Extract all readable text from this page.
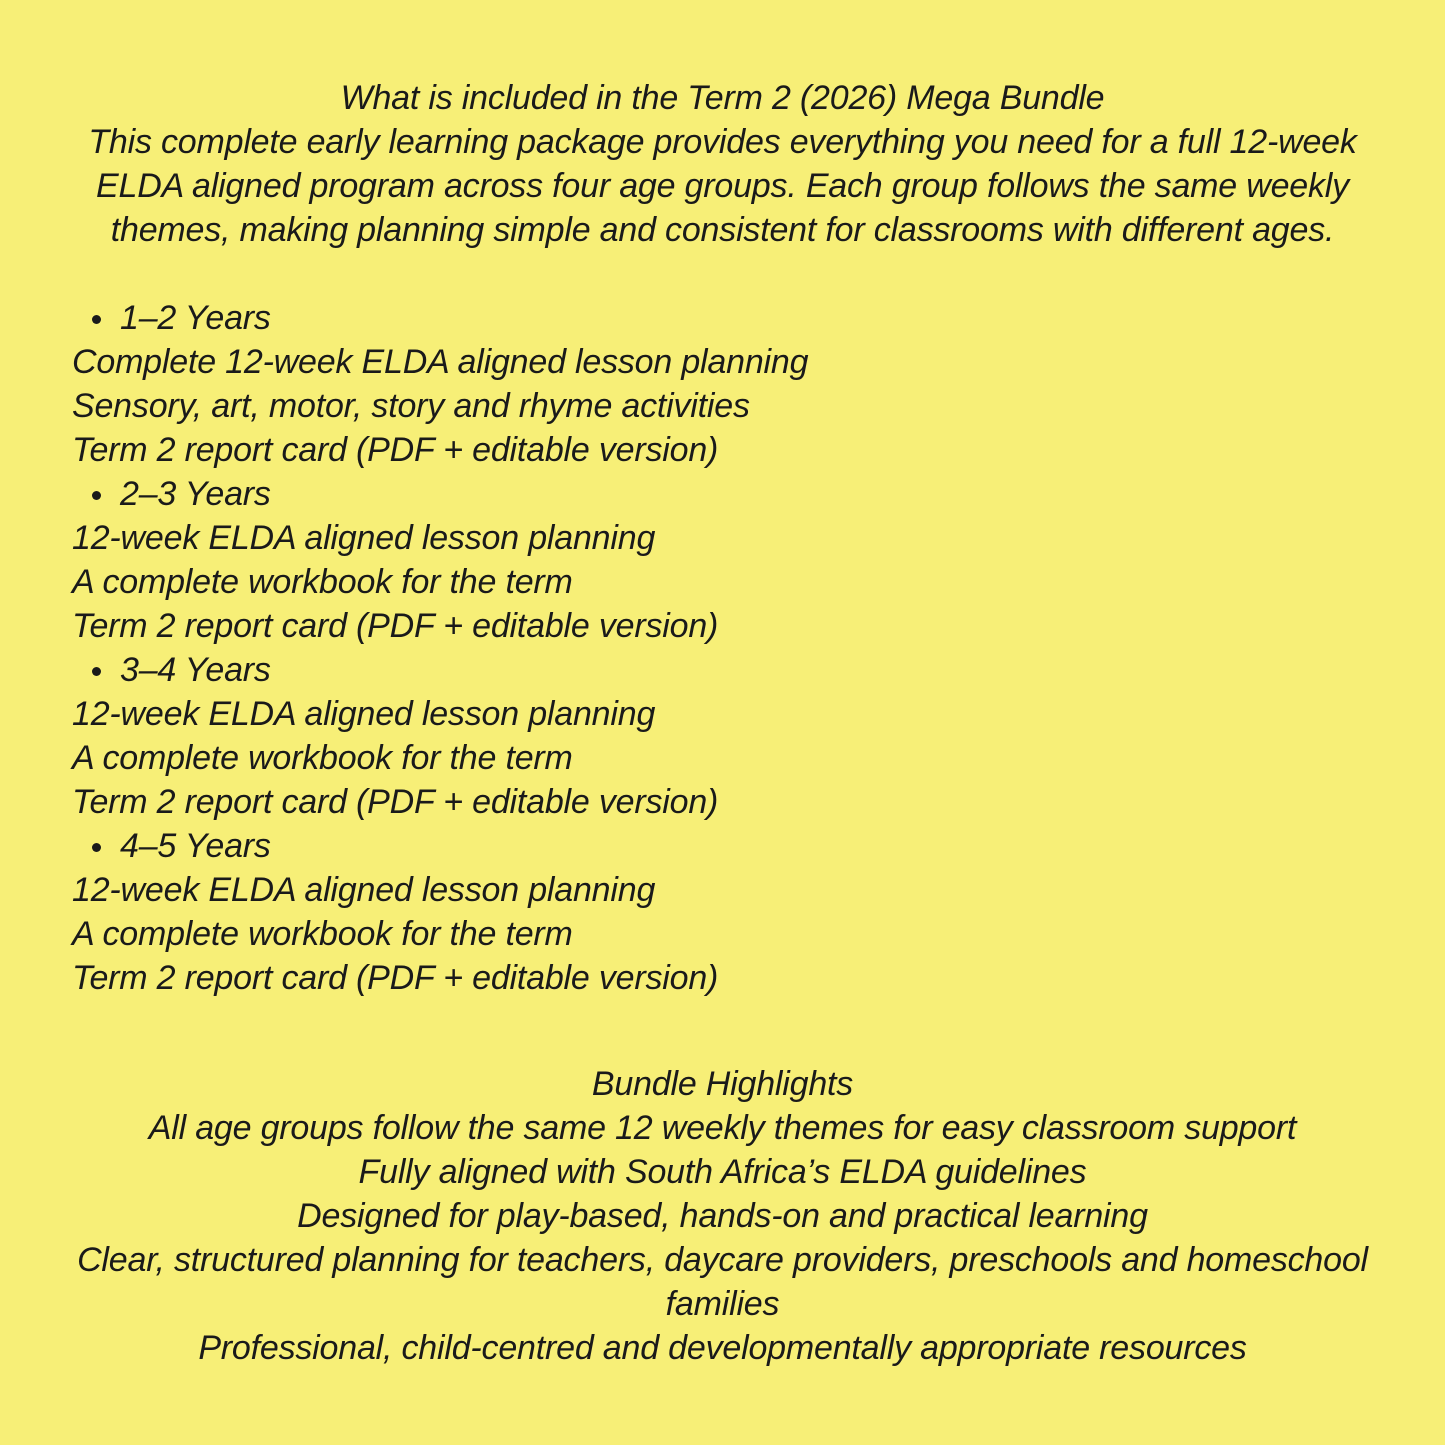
What is included in the Term 2 (2026) Mega Bundle
This complete early learning package provides everything you need for a full 12-week ELDA aligned program across four age groups. Each group follows the same weekly themes, making planning simple and consistent for classrooms with different ages.
1–2 Years
Complete 12-week ELDA aligned lesson planning
Sensory, art, motor, story and rhyme activities
Term 2 report card (PDF + editable version)
2–3 Years
12-week ELDA aligned lesson planning
A complete workbook for the term
Term 2 report card (PDF + editable version)
3–4 Years
12-week ELDA aligned lesson planning
A complete workbook for the term
Term 2 report card (PDF + editable version)
4–5 Years
12-week ELDA aligned lesson planning
A complete workbook for the term
Term 2 report card (PDF + editable version)
Bundle Highlights
All age groups follow the same 12 weekly themes for easy classroom support
Fully aligned with South Africa’s ELDA guidelines
Designed for play-based, hands-on and practical learning
Clear, structured planning for teachers, daycare providers, preschools and homeschool families
Professional, child-centred and developmentally appropriate resources
